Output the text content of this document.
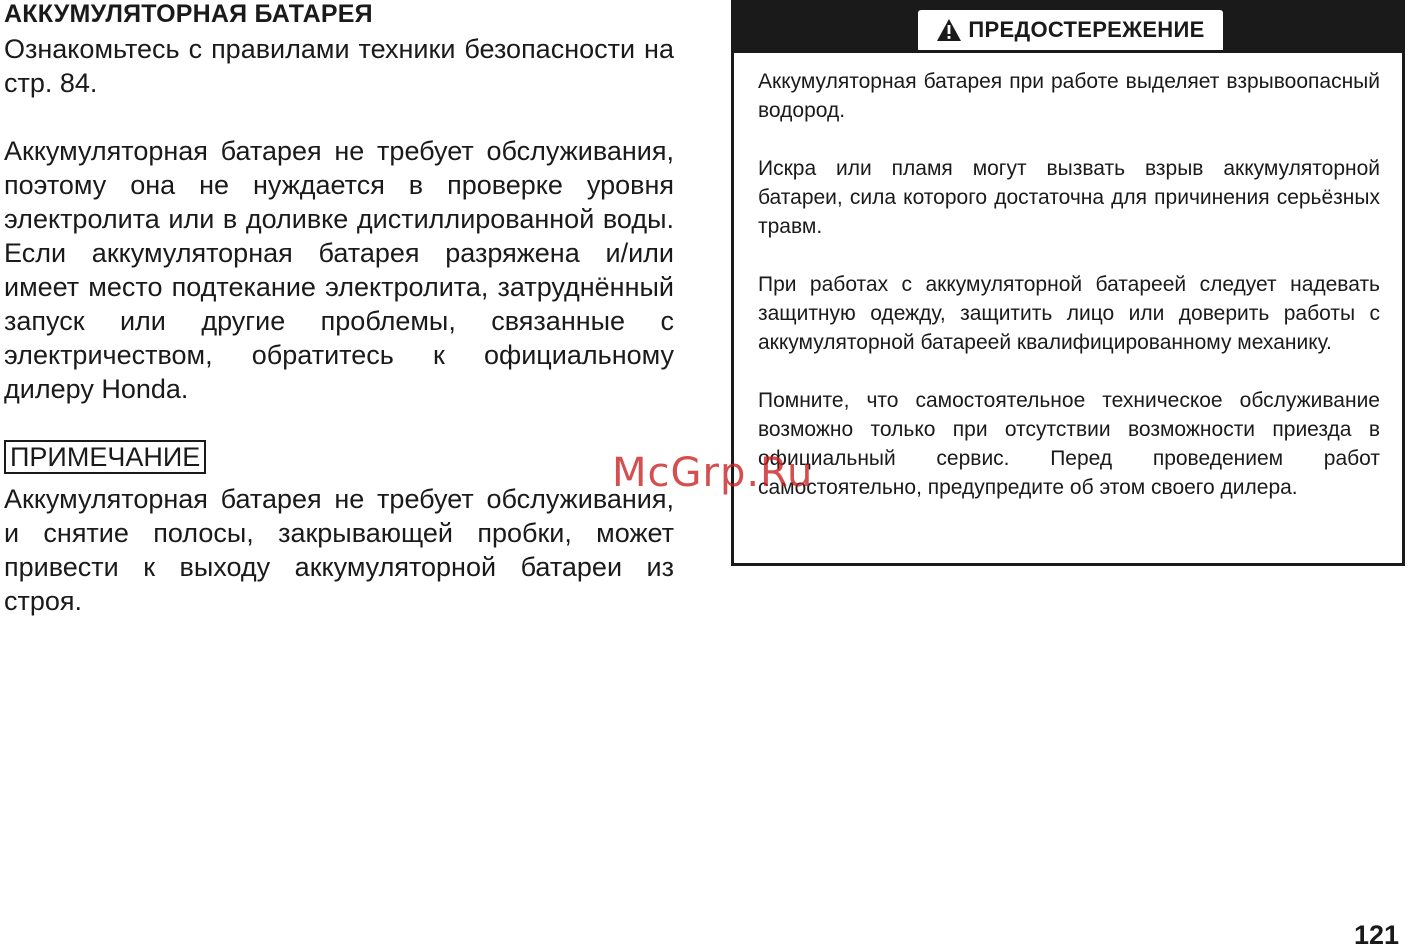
АККУМУЛЯТОРНАЯ БАТАРЕЯ

Ознакомьтесь с правилами техники безопасности на стр. 84.

Аккумуляторная батарея не требует обслуживания, поэтому она не нуждается в проверке уровня электролита или в доливке дистиллированной воды. Если аккумуляторная батарея разряжена и/или имеет место подтекание электролита, затруднённый запуск или другие проблемы, связанные с электричеством, обратитесь к официальному дилеру Honda.

ПРИМЕЧАНИЕ

Аккумуляторная батарея не требует обслуживания, и снятие полосы, закрывающей пробки, может привести к выходу аккумуляторной батареи из строя.

ПРЕДОСТЕРЕЖЕНИЕ

Аккумуляторная батарея при работе выделяет взрывоопасный водород.

Искра или пламя могут вызвать взрыв аккумуляторной батареи, сила которого достаточна для причинения серьёзных травм.

При работах с аккумуляторной батареей следует надевать защитную одежду, защитить лицо или доверить работы с аккумуляторной батареей квалифицированному механику.

Помните, что самостоятельное техническое обслуживание возможно только при отсутствии возможности приезда в официальный сервис. Перед проведением работ самостоятельно, предупредите об этом своего дилера.

McGrp.Ru
121
